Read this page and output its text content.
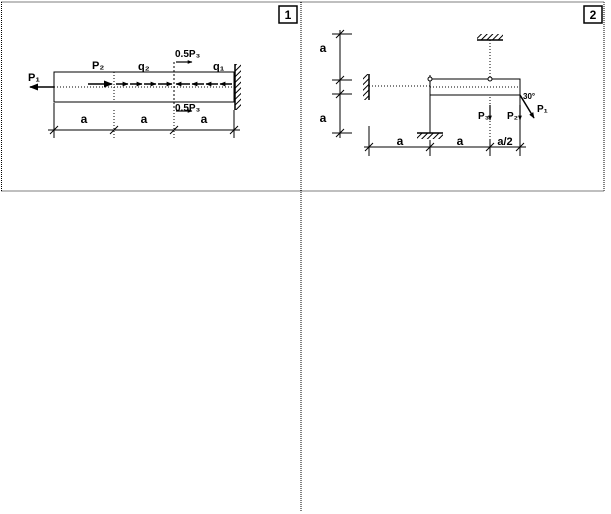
1
P₁
P₂	q₂	q₁
0.5P₃
0.5P₃
a	a	a
2
a
a
a	a	a/2
P₃ P₂
P₁
30°
